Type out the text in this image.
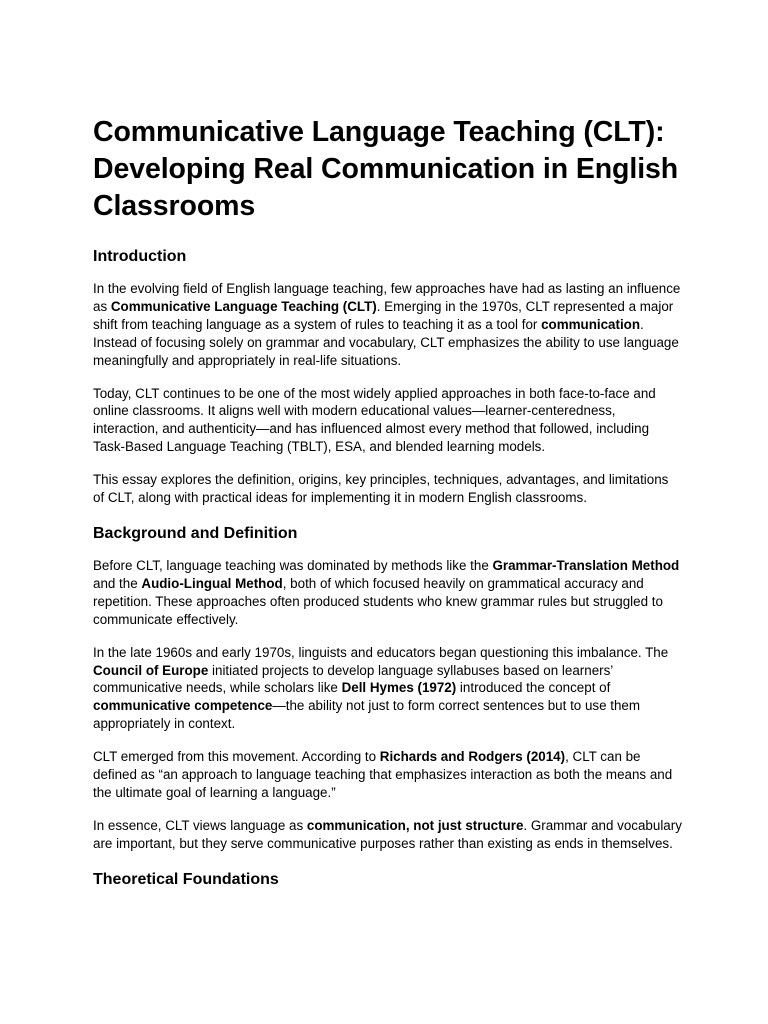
Communicative Language Teaching (CLT): Developing Real Communication in English Classrooms
Introduction

In the evolving field of English language teaching, few approaches have had as lasting an influence as Communicative Language Teaching (CLT). Emerging in the 1970s, CLT represented a major shift from teaching language as a system of rules to teaching it as a tool for communication. Instead of focusing solely on grammar and vocabulary, CLT emphasizes the ability to use language meaningfully and appropriately in real-life situations.

Today, CLT continues to be one of the most widely applied approaches in both face-to-face and online classrooms. It aligns well with modern educational values—learner-centeredness, interaction, and authenticity—and has influenced almost every method that followed, including Task-Based Language Teaching (TBLT), ESA, and blended learning models.

This essay explores the definition, origins, key principles, techniques, advantages, and limitations of CLT, along with practical ideas for implementing it in modern English classrooms.

Background and Definition

Before CLT, language teaching was dominated by methods like the Grammar-Translation Method and the Audio-Lingual Method, both of which focused heavily on grammatical accuracy and repetition. These approaches often produced students who knew grammar rules but struggled to communicate effectively.

In the late 1960s and early 1970s, linguists and educators began questioning this imbalance. The Council of Europe initiated projects to develop language syllabuses based on learners’ communicative needs, while scholars like Dell Hymes (1972) introduced the concept of communicative competence—the ability not just to form correct sentences but to use them appropriately in context.

CLT emerged from this movement. According to Richards and Rodgers (2014), CLT can be defined as “an approach to language teaching that emphasizes interaction as both the means and the ultimate goal of learning a language.”

In essence, CLT views language as communication, not just structure. Grammar and vocabulary are important, but they serve communicative purposes rather than existing as ends in themselves.

Theoretical Foundations
